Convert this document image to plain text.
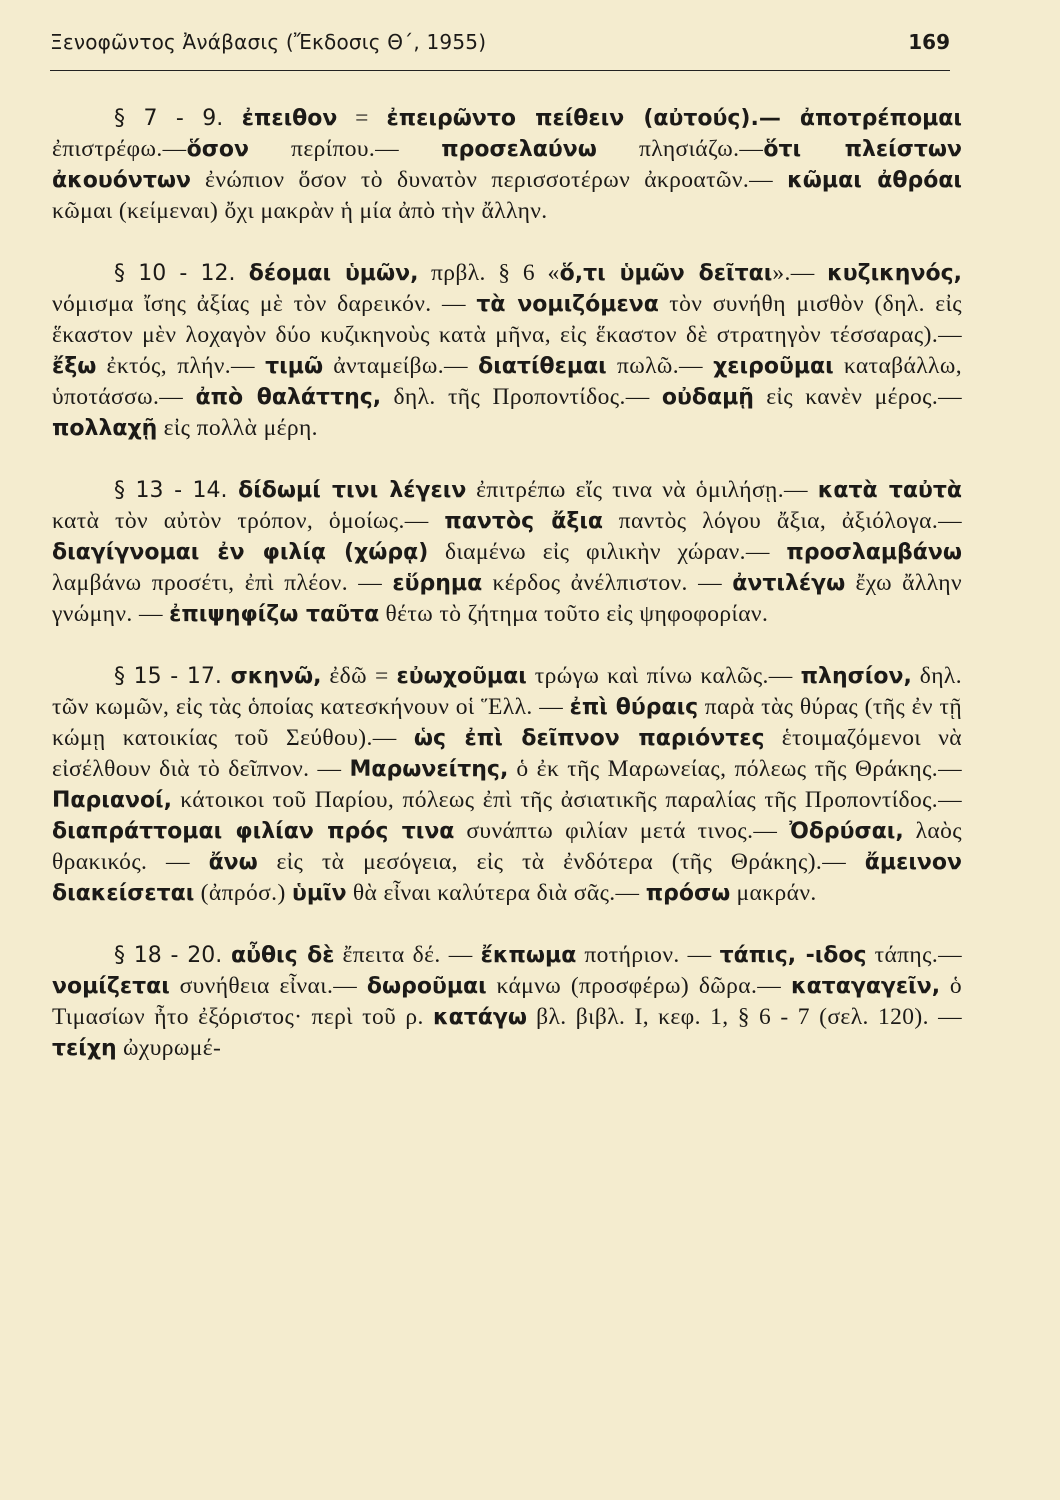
Ξενοφῶντος Ἀνάβασις (Ἔκδοσις Θ΄, 1955)	169

§ 7 - 9. ἐπειθον = ἐπειρῶντο πείθειν (αὐτούς).— ἀποτρέπομαι ἐπιστρέφω.—ὅσον περίπου.— προσελαύνω πλησιάζω.—ὅτι πλείστων ἀκουόντων ἐνώπιον ὅσον τὸ δυνατὸν περισσοτέρων ἀκροατῶν.— κῶμαι ἀθρόαι κῶμαι (κείμεναι) ὄχι μακρὰν ἡ μία ἀπὸ τὴν ἄλλην.

§ 10 - 12. δέομαι ὑμῶν, πρβλ. § 6 «ὅ,τι ὑμῶν δεῖται».— κυζικηνός, νόμισμα ἴσης ἀξίας μὲ τὸν δαρεικόν. — τὰ νομιζόμενα τὸν συνήθη μισθὸν (δηλ. εἰς ἕκαστον μὲν λοχαγὸν δύο κυζικηνοὺς κατὰ μῆνα, εἰς ἕκαστον δὲ στρατηγὸν τέσσαρας).— ἔξω ἐκτός, πλήν.— τιμῶ ἀνταμείβω.— διατίθεμαι πωλῶ.— χειροῦμαι καταβάλλω, ὑποτάσσω.— ἀπὸ θαλάττης, δηλ. τῆς Προποντίδος.— οὐδαμῇ εἰς κανὲν μέρος.— πολλαχῇ εἰς πολλὰ μέρη.

§ 13 - 14. δίδωμί τινι λέγειν ἐπιτρέπω εἴς τινα νὰ ὁμιλήσῃ.— κατὰ ταὐτὰ κατὰ τὸν αὐτὸν τρόπον, ὁμοίως.— παντὸς ἄξια παντὸς λόγου ἄξια, ἀξιόλογα.— διαγίγνομαι ἐν φιλίᾳ (χώρᾳ) διαμένω εἰς φιλικὴν χώραν.— προσλαμβάνω λαμβάνω προσέτι, ἐπὶ πλέον. — εὕρημα κέρδος ἀνέλπιστον. — ἀντιλέγω ἔχω ἄλλην γνώμην. — ἐπιψηφίζω ταῦτα θέτω τὸ ζήτημα τοῦτο εἰς ψηφοφορίαν.

§ 15 - 17. σκηνῶ, ἐδῶ = εὐωχοῦμαι τρώγω καὶ πίνω καλῶς.— πλησίον, δηλ. τῶν κωμῶν, εἰς τὰς ὁποίας κατεσκήνουν οἱ Ἕλλ. — ἐπὶ θύραις παρὰ τὰς θύρας (τῆς ἐν τῇ κώμῃ κατοικίας τοῦ Σεύθου).— ὡς ἐπὶ δεῖπνον παριόντες ἑτοιμαζόμενοι νὰ εἰσέλθουν διὰ τὸ δεῖπνον. — Μαρωνείτης, ὁ ἐκ τῆς Μαρωνείας, πόλεως τῆς Θράκης.— Παριανοί, κάτοικοι τοῦ Παρίου, πόλεως ἐπὶ τῆς ἀσιατικῆς παραλίας τῆς Προποντίδος.— διαπράττομαι φιλίαν πρός τινα συνάπτω φιλίαν μετά τινος.— Ὀδρύσαι, λαὸς θρακικός. — ἄνω εἰς τὰ μεσόγεια, εἰς τὰ ἐνδότερα (τῆς Θράκης).— ἄμεινον διακείσεται (ἀπρόσ.) ὑμῖν θὰ εἶναι καλύτερα διὰ σᾶς.— πρόσω μακράν.

§ 18 - 20. αὖθις δὲ ἔπειτα δέ. — ἔκπωμα ποτήριον. — τάπις, -ιδος τάπης.— νομίζεται συνήθεια εἶναι.— δωροῦμαι κάμνω (προσφέρω) δῶρα.— καταγαγεῖν, ὁ Τιμασίων ἦτο ἐξόριστος· περὶ τοῦ ρ. κατάγω βλ. βιβλ. I, κεφ. 1, § 6 - 7 (σελ. 120). — τείχη ὠχυρωμέ-
